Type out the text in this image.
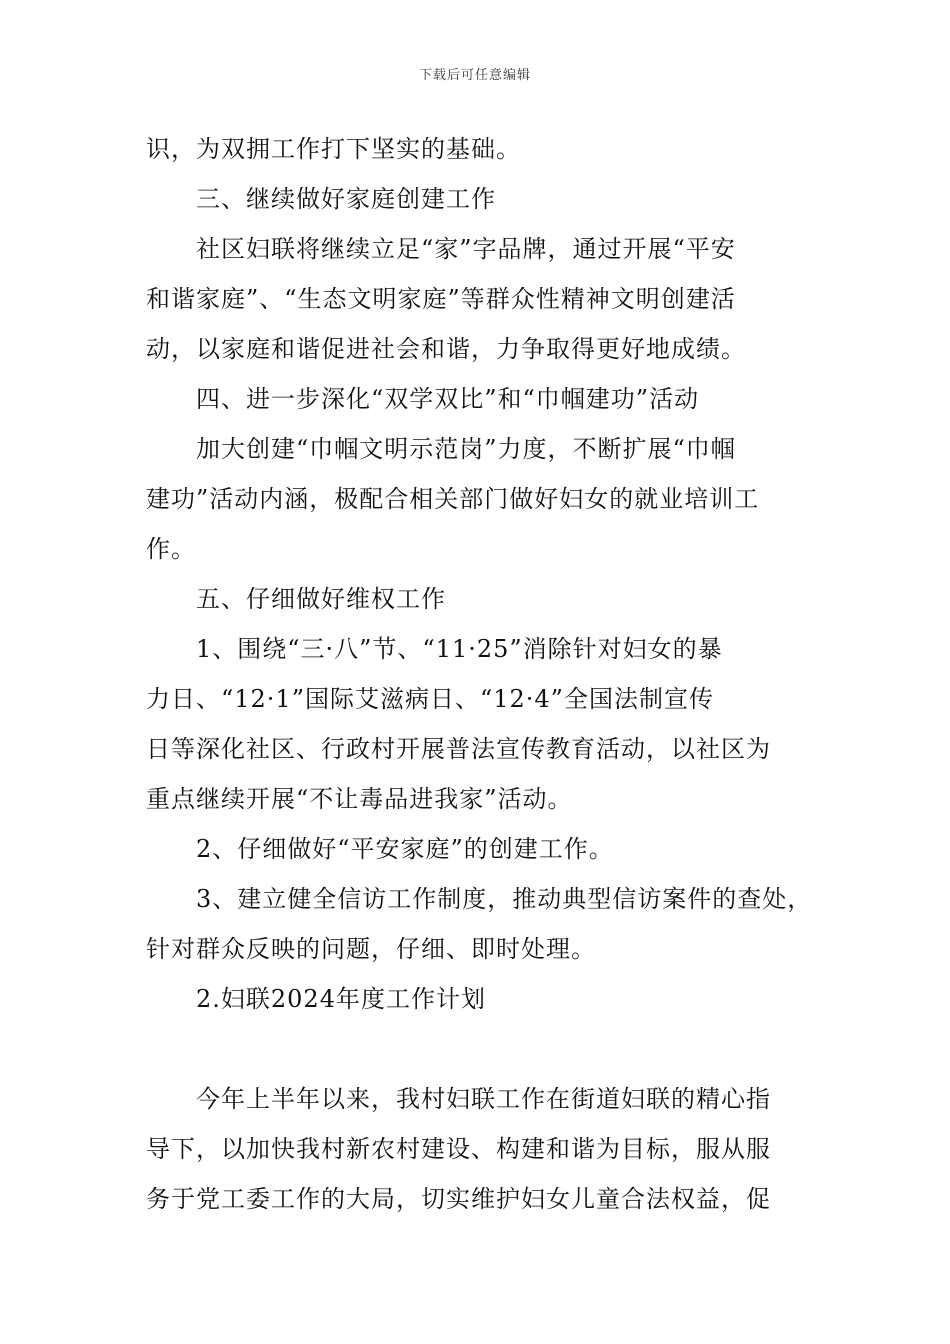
下载后可任意编辑
识，为双拥工作打下坚实的基础。
三、继续做好家庭创建工作
社区妇联将继续立足“家”字品牌，通过开展“平安
和谐家庭”、“生态文明家庭”等群众性精神文明创建活
动，以家庭和谐促进社会和谐，力争取得更好地成绩。
四、进一步深化“双学双比”和“巾帼建功”活动
加大创建“巾帼文明示范岗”力度，不断扩展“巾帼
建功”活动内涵，极配合相关部门做好妇女的就业培训工
作。
五、仔细做好维权工作
1、围绕“三·八”节、“11·25”消除针对妇女的暴
力日、“12·1”国际艾滋病日、“12·4”全国法制宣传
日等深化社区、行政村开展普法宣传教育活动，以社区为
重点继续开展“不让毒品进我家”活动。
2、仔细做好“平安家庭”的创建工作。
3、建立健全信访工作制度，推动典型信访案件的查处，
针对群众反映的问题，仔细、即时处理。
2.妇联2024年度工作计划
今年上半年以来，我村妇联工作在街道妇联的精心指
导下，以加快我村新农村建设、构建和谐为目标，服从服
务于党工委工作的大局，切实维护妇女儿童合法权益，促
